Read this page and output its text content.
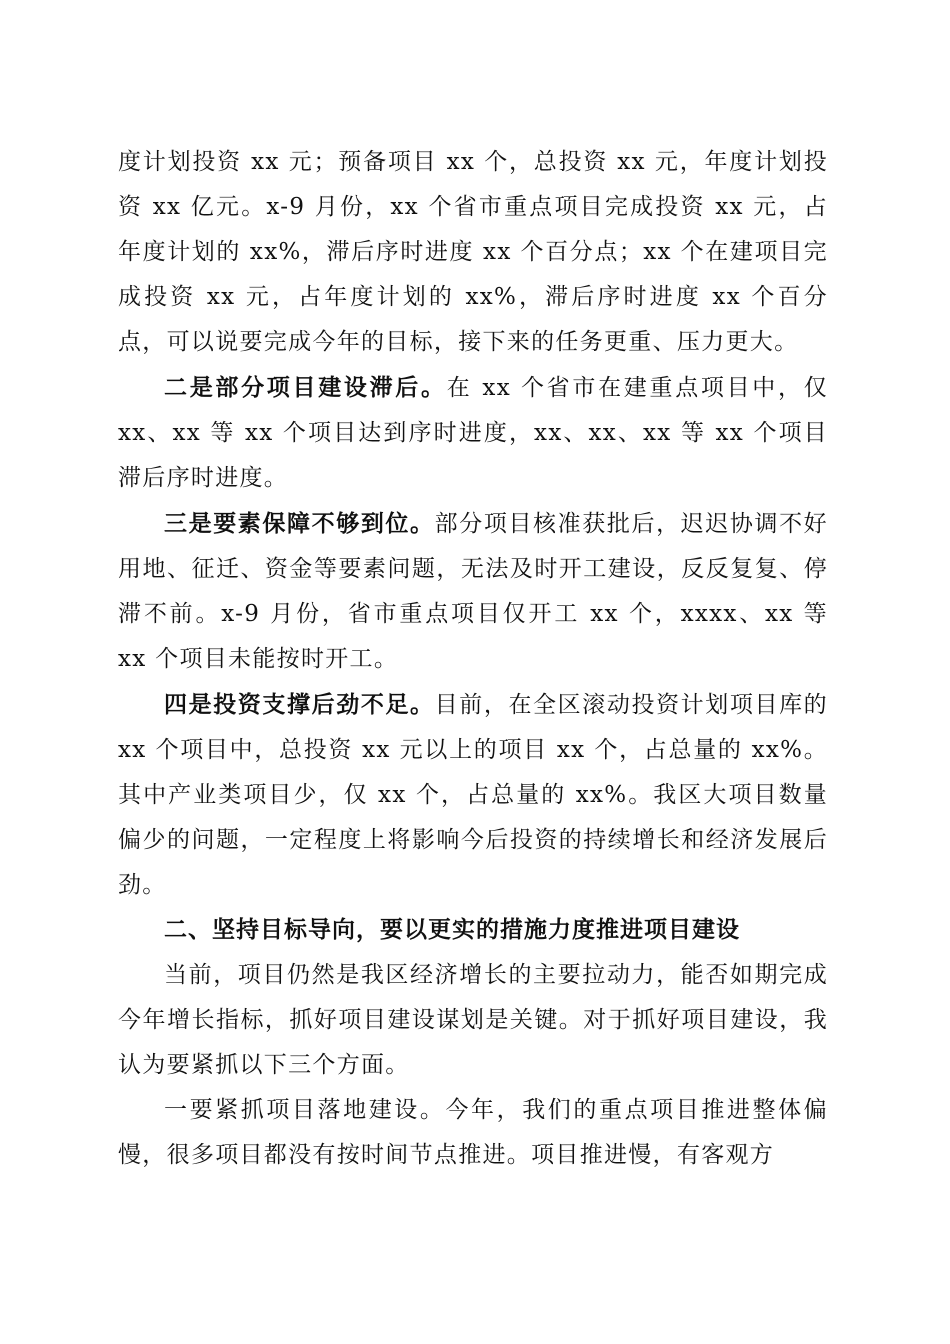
度计划投资 xx 元；预备项目 xx 个，总投资 xx 元，年度计划投资 xx 亿元。x-9 月份，xx 个省市重点项目完成投资 xx 元，占年度计划的 xx%，滞后序时进度 xx 个百分点；xx 个在建项目完成投资 xx 元，占年度计划的 xx%，滞后序时进度 xx 个百分点，可以说要完成今年的目标，接下来的任务更重、压力更大。

二是部分项目建设滞后。在 xx 个省市在建重点项目中，仅 xx、xx 等 xx 个项目达到序时进度，xx、xx、xx 等 xx 个项目滞后序时进度。

三是要素保障不够到位。部分项目核准获批后，迟迟协调不好用地、征迁、资金等要素问题，无法及时开工建设，反反复复、停滞不前。x-9 月份，省市重点项目仅开工 xx 个，xxxx、xx 等 xx 个项目未能按时开工。

四是投资支撑后劲不足。目前，在全区滚动投资计划项目库的 xx 个项目中，总投资 xx 元以上的项目 xx 个，占总量的 xx%。其中产业类项目少，仅 xx 个，占总量的 xx%。我区大项目数量偏少的问题，一定程度上将影响今后投资的持续增长和经济发展后劲。

二、坚持目标导向，要以更实的措施力度推进项目建设

当前，项目仍然是我区经济增长的主要拉动力，能否如期完成今年增长指标，抓好项目建设谋划是关键。对于抓好项目建设，我认为要紧抓以下三个方面。

一要紧抓项目落地建设。今年，我们的重点项目推进整体偏慢，很多项目都没有按时间节点推进。项目推进慢，有客观方
